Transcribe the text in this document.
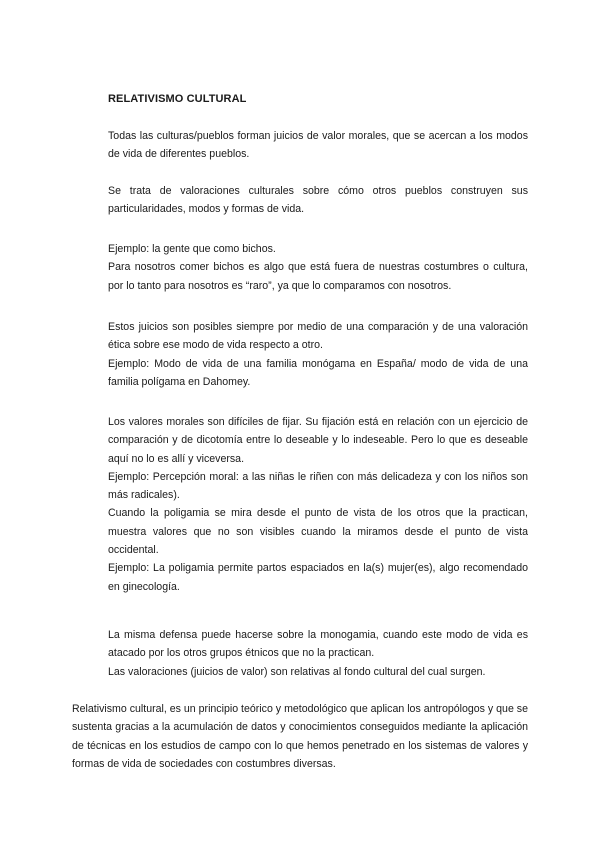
RELATIVISMO CULTURAL

Todas las culturas/pueblos forman juicios de valor morales, que se acercan a los modos de vida de diferentes pueblos.

Se trata de valoraciones culturales sobre cómo otros pueblos construyen sus particularidades, modos y formas de vida.

Ejemplo: la gente que como bichos.

Para nosotros comer bichos es algo que está fuera de nuestras costumbres o cultura, por lo tanto para nosotros es “raro”, ya que lo comparamos con nosotros.

Estos juicios son posibles siempre por medio de una comparación y de una valoración ética sobre ese modo de vida respecto a otro.

Ejemplo: Modo de vida de una familia monógama en España/ modo de vida de una familia polígama en Dahomey.

Los valores morales son difíciles de fijar. Su fijación está en relación con un ejercicio de comparación y de dicotomía entre lo deseable y lo indeseable. Pero lo que es deseable aquí no lo es allí y viceversa.

Ejemplo: Percepción moral: a las niñas le riñen con más delicadeza y con los niños son más radicales).

Cuando la poligamia se mira desde el punto de vista de los otros que la practican, muestra valores que no son visibles cuando la miramos desde el punto de vista occidental.

Ejemplo: La poligamia permite partos espaciados en la(s) mujer(es), algo recomendado en ginecología.

La misma defensa puede hacerse sobre la monogamia, cuando este modo de vida es atacado por los otros grupos étnicos que no la practican.

Las valoraciones (juicios de valor) son relativas al fondo cultural del cual surgen.

Relativismo cultural, es un principio teórico y metodológico que aplican los antropólogos y que se sustenta gracias a la acumulación de datos y conocimientos conseguidos mediante la aplicación de técnicas en los estudios de campo con lo que hemos penetrado en los sistemas de valores y formas de vida de sociedades con costumbres diversas.
